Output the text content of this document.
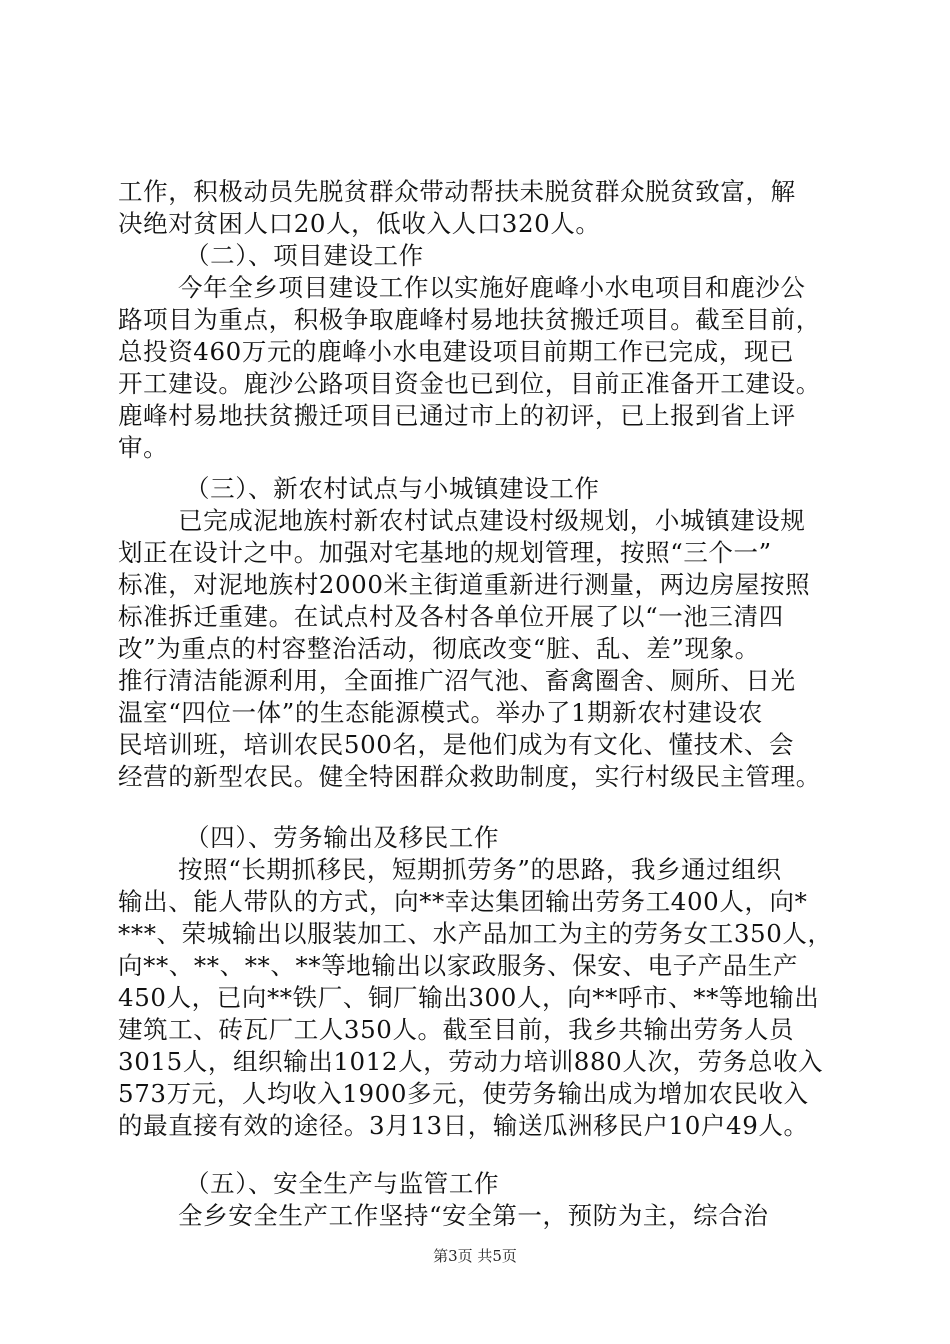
工作，积极动员先脱贫群众带动帮扶未脱贫群众脱贫致富，解
决绝对贫困人口20人，低收入人口320人。
（二）、项目建设工作
今年全乡项目建设工作以实施好鹿峰小水电项目和鹿沙公
路项目为重点，积极争取鹿峰村易地扶贫搬迁项目。截至目前，
总投资460万元的鹿峰小水电建设项目前期工作已完成，现已
开工建设。鹿沙公路项目资金也已到位，目前正准备开工建设。
鹿峰村易地扶贫搬迁项目已通过市上的初评，已上报到省上评
审。
（三）、新农村试点与小城镇建设工作
已完成泥地族村新农村试点建设村级规划，小城镇建设规
划正在设计之中。加强对宅基地的规划管理，按照“三个一”
标准，对泥地族村2000米主街道重新进行测量，两边房屋按照
标准拆迁重建。在试点村及各村各单位开展了以“一池三清四
改”为重点的村容整治活动，彻底改变“脏、乱、差”现象。
推行清洁能源利用，全面推广沼气池、畜禽圈舍、厕所、日光
温室“四位一体”的生态能源模式。举办了1期新农村建设农
民培训班，培训农民500名，是他们成为有文化、懂技术、会
经营的新型农民。健全特困群众救助制度，实行村级民主管理。
（四）、劳务输出及移民工作
按照“长期抓移民，短期抓劳务”的思路，我乡通过组织
输出、能人带队的方式，向**幸达集团输出劳务工400人，向*
***、荣城输出以服装加工、水产品加工为主的劳务女工350人，
向**、**、**、**等地输出以家政服务、保安、电子产品生产
450人，已向**铁厂、铜厂输出300人，向**呼市、**等地输出
建筑工、砖瓦厂工人350人。截至目前，我乡共输出劳务人员
3015人，组织输出1012人，劳动力培训880人次，劳务总收入
573万元，人均收入1900多元，使劳务输出成为增加农民收入
的最直接有效的途径。3月13日，输送瓜洲移民户10户49人。
（五）、安全生产与监管工作
全乡安全生产工作坚持“安全第一，预防为主，综合治
第3页 共5页
